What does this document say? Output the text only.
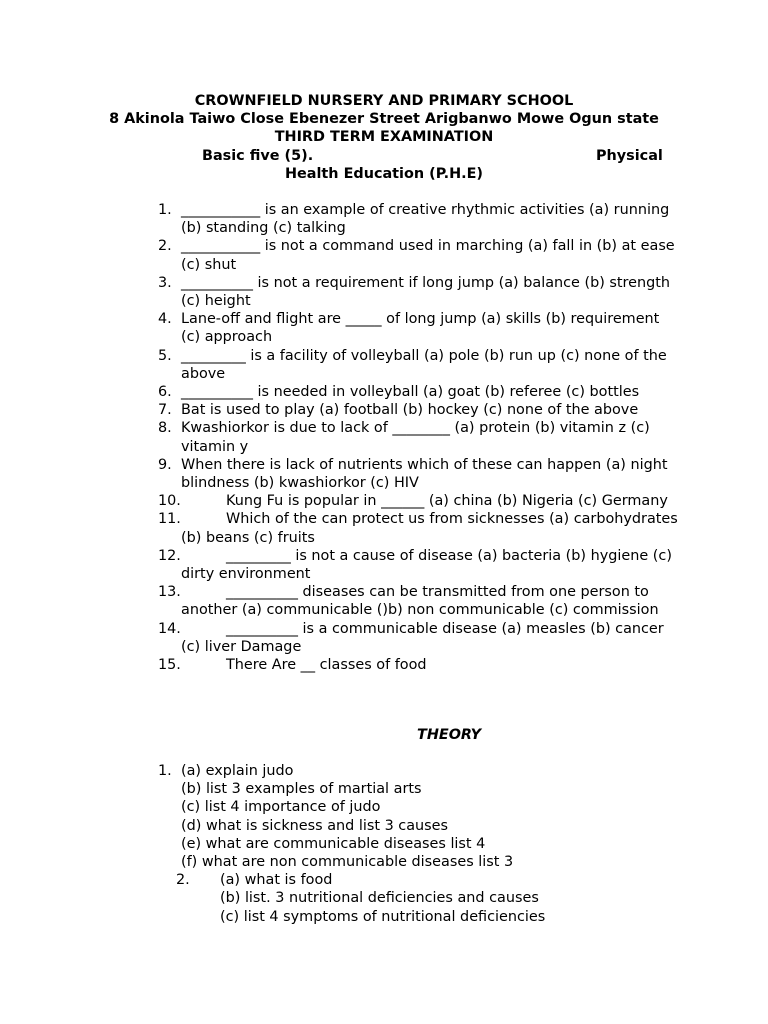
CROWNFIELD NURSERY AND PRIMARY SCHOOL
8 Akinola Taiwo Close Ebenezer Street Arigbanwo Mowe Ogun state
THIRD TERM EXAMINATION
Basic five (5).	Physical
Health Education (P.H.E)
1. ___________ is an example of creative rhythmic activities (a) running (b) standing (c) talking
2. ___________ is not a command used in marching (a) fall in (b) at ease (c) shut
3. __________ is not a requirement if long jump (a) balance (b) strength (c) height
4. Lane-off and flight are _____ of long jump (a) skills (b) requirement (c) approach
5. _________ is a facility of volleyball (a) pole (b) run up (c) none of the above
6. __________ is needed in volleyball (a) goat (b) referee (c) bottles
7. Bat is used to play (a) football (b) hockey (c) none of the above
8. Kwashiorkor is due to lack of ________ (a) protein (b) vitamin z (c) vitamin y
9. When there is lack of nutrients which of these can happen (a) night blindness (b) kwashiorkor (c) HIV
10.	Kung Fu is popular in ______ (a) china (b) Nigeria (c) Germany
11.	Which of the can protect us from sicknesses (a) carbohydrates (b) beans (c) fruits
12.	_________ is not a cause of disease (a) bacteria (b) hygiene (c) dirty environment
13.	__________ diseases can be transmitted from one person to another (a) communicable ()b) non communicable (c) commission
14.	__________ is a communicable disease (a) measles (b) cancer (c) liver Damage
15.	There Are __ classes of food
THEORY
1. (a) explain judo
(b) list 3 examples of martial arts
(c) list 4 importance of judo
(d) what is sickness and list 3 causes
(e) what are communicable diseases list 4
(f) what are non communicable diseases list 3
2. (a) what is food
(b) list. 3 nutritional deficiencies and causes
(c) list 4 symptoms of nutritional deficiencies
